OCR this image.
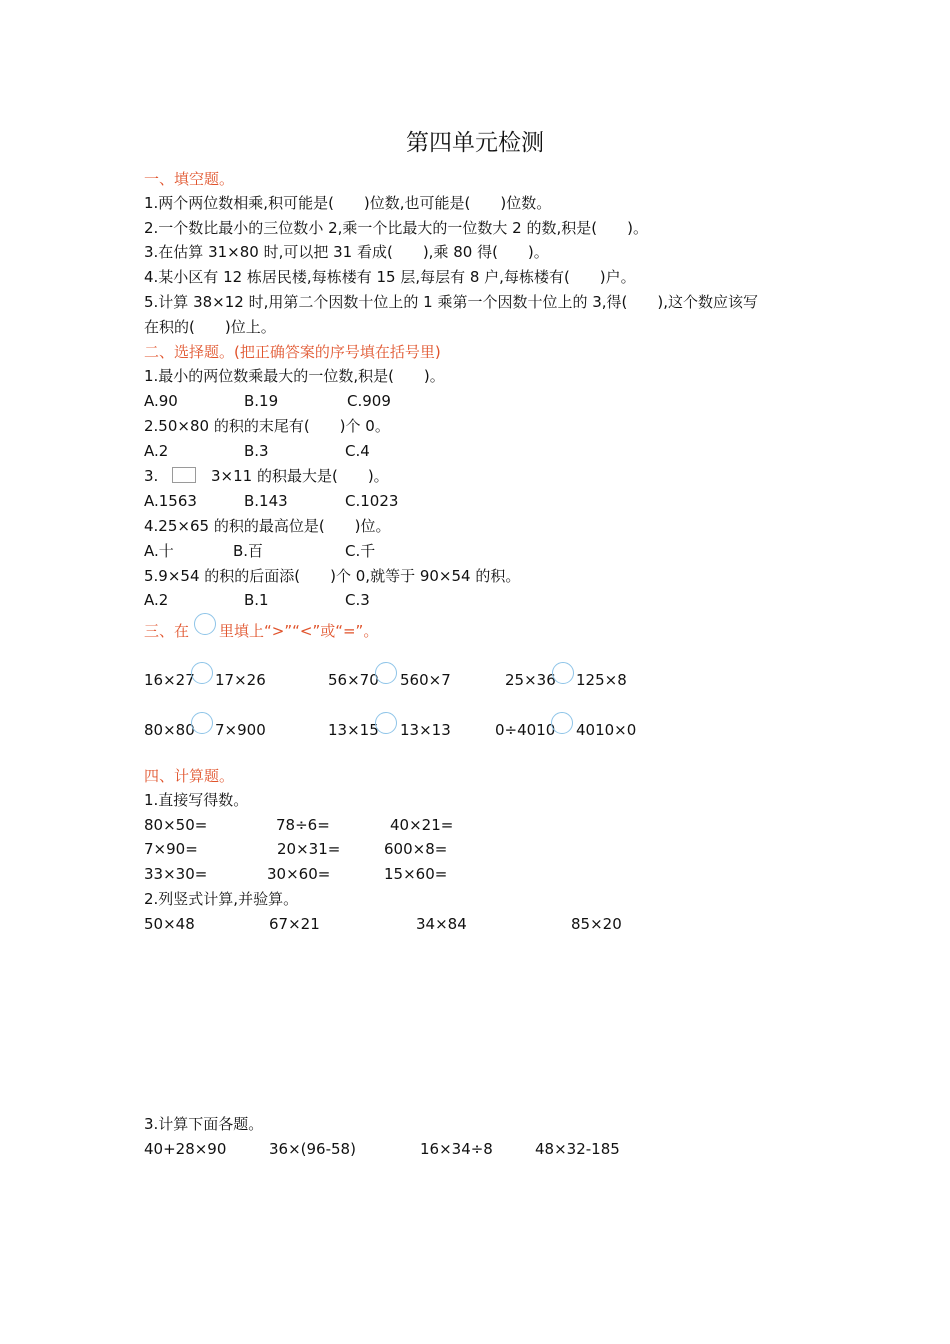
第四单元检测
一、填空题。
1.两个两位数相乘,积可能是(　　)位数,也可能是(　　)位数。
2.一个数比最小的三位数小 2,乘一个比最大的一位数大 2 的数,积是(　　)。
3.在估算 31×80 时,可以把 31 看成(　　),乘 80 得(　　)。
4.某小区有 12 栋居民楼,每栋楼有 15 层,每层有 8 户,每栋楼有(　　)户。
5.计算 38×12 时,用第二个因数十位上的 1 乘第一个因数十位上的 3,得(　　),这个数应该写
在积的(　　)位上。
二、选择题。(把正确答案的序号填在括号里)
1.最小的两位数乘最大的一位数,积是(　　)。
A.90	B.19	C.909
2.50×80 的积的末尾有(　　)个 0。
A.2	B.3	C.4
3.	3×11 的积最大是(　　)。
A.1563	B.143	C.1023
4.25×65 的积的最高位是(　　)位。
A.十	B.百	C.千
5.9×54 的积的后面添(　　)个 0,就等于 90×54 的积。
A.2	B.1	C.3
三、在 里填上“>”“<”或“=”。
16×27 17×26	56×70 560×7	25×36 125×8
80×80 7×900	13×15 13×13	0÷4010 4010×0
四、计算题。
1.直接写得数。
80×50=	78÷6=	40×21=
7×90=	20×31=	600×8=
33×30=	30×60=	15×60=
2.列竖式计算,并验算。
50×48	67×21	34×84	85×20
3.计算下面各题。
40+28×90	36×(96-58)	16×34÷8	48×32-185
